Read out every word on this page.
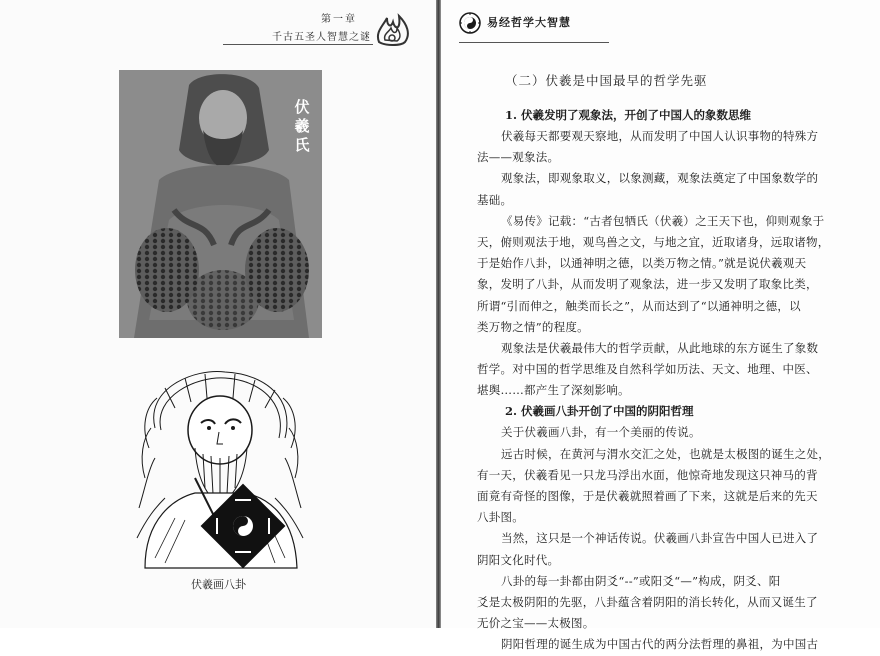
第一章
千古五圣人智慧之谜
伏羲氏
伏羲画八卦
易经哲学大智慧
（二）伏羲是中国最早的哲学先驱
1. 伏羲发明了观象法，开创了中国人的象数思维
伏羲每天都要观天察地，从而发明了中国人认识事物的特殊方
法——观象法。
观象法，即观象取义，以象测藏，观象法奠定了中国象数学的
基础。
《易传》记载：“古者包牺氏（伏羲）之王天下也，仰则观象于
天，俯则观法于地，观鸟兽之文，与地之宜，近取诸身，远取诸物，
于是始作八卦，以通神明之德，以类万物之情。”就是说伏羲观天
象，发明了八卦，从而发明了观象法，进一步又发明了取象比类，
所谓“引而伸之，触类而长之”，从而达到了“以通神明之德，以
类万物之情”的程度。
观象法是伏羲最伟大的哲学贡献，从此地球的东方诞生了象数
哲学。对中国的哲学思维及自然科学如历法、天文、地理、中医、
堪舆……都产生了深刻影响。
2. 伏羲画八卦开创了中国的阴阳哲理
关于伏羲画八卦，有一个美丽的传说。
远古时候，在黄河与渭水交汇之处，也就是太极图的诞生之处，
有一天，伏羲看见一只龙马浮出水面，他惊奇地发现这只神马的背
面竟有奇怪的图像，于是伏羲就照着画了下来，这就是后来的先天
八卦图。
当然，这只是一个神话传说。伏羲画八卦宣告中国人已进入了
阴阳文化时代。
八卦的每一卦都由阴爻“--”或阳爻“—”构成，阴爻、阳
爻是太极阴阳的先驱，八卦蕴含着阴阳的消长转化，从而又诞生了
无价之宝——太极图。
阴阳哲理的诞生成为中国古代的两分法哲理的鼻祖，为中国古
